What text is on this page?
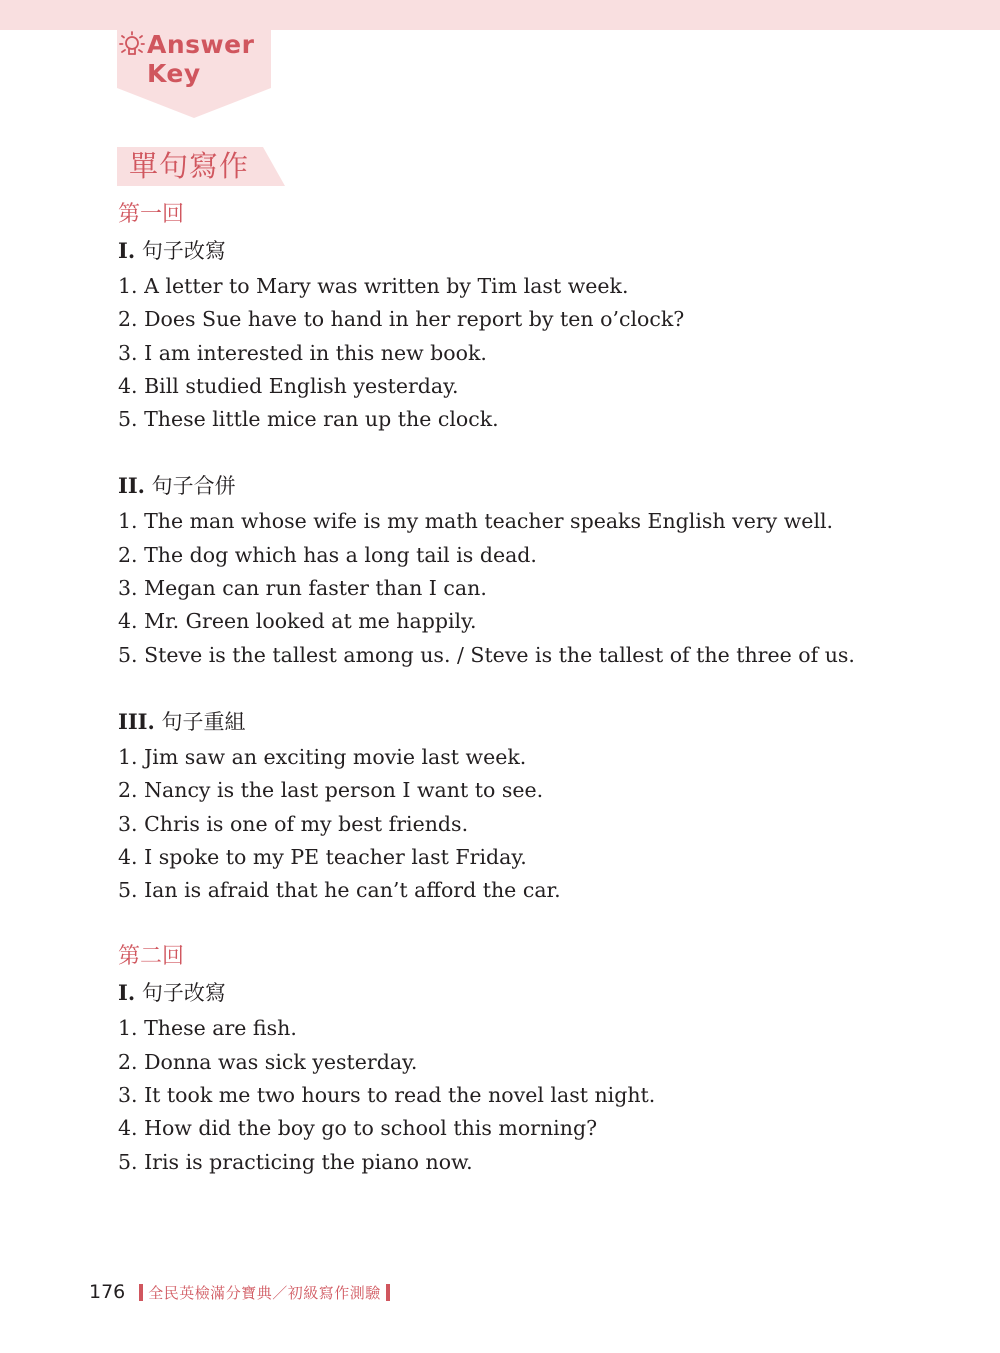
Answer
Key
單句寫作
第一回
I. 句子改寫
1. A letter to Mary was written by Tim last week.
2. Does Sue have to hand in her report by ten o’clock?
3. I am interested in this new book.
4. Bill studied English yesterday.
5. These little mice ran up the clock.
II. 句子合併
1. The man whose wife is my math teacher speaks English very well.
2. The dog which has a long tail is dead.
3. Megan can run faster than I can.
4. Mr. Green looked at me happily.
5. Steve is the tallest among us. / Steve is the tallest of the three of us.
III. 句子重組
1. Jim saw an exciting movie last week.
2. Nancy is the last person I want to see.
3. Chris is one of my best friends.
4. I spoke to my PE teacher last Friday.
5. Ian is afraid that he can’t afford the car.
第二回
I. 句子改寫
1. These are fish.
2. Donna was sick yesterday.
3. It took me two hours to read the novel last night.
4. How did the boy go to school this morning?
5. Iris is practicing the piano now.
176 全民英檢滿分寶典／初級寫作測驗
